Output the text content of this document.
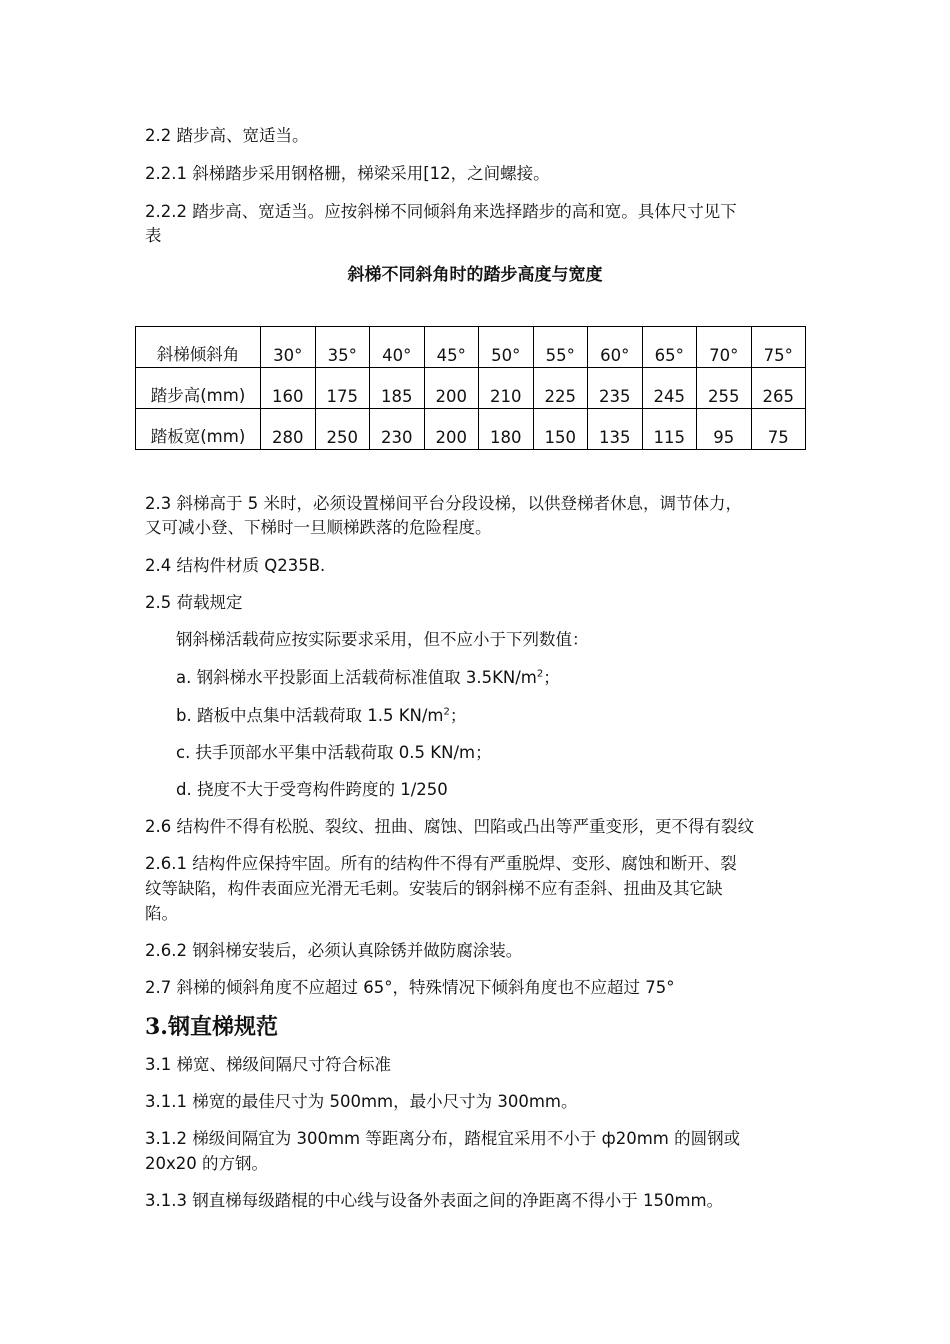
2.2 踏步高、宽适当。
2.2.1 斜梯踏步采用钢格栅，梯梁采用[12，之间螺接。
2.2.2 踏步高、宽适当。应按斜梯不同倾斜角来选择踏步的高和宽。具体尺寸见下
表
斜梯不同斜角时的踏步高度与宽度
斜梯倾斜角	30°	35°	40°	45°	50°	55°	60°	65°	70°	75°
踏步高(mm)	160	175	185	200	210	225	235	245	255	265
踏板宽(mm)	280	250	230	200	180	150	135	115	95	75
2.3 斜梯高于 5 米时，必须设置梯间平台分段设梯，以供登梯者休息，调节体力，
又可减小登、下梯时一旦顺梯跌落的危险程度。
2.4 结构件材质 Q235B.
2.5 荷载规定
钢斜梯活载荷应按实际要求采用，但不应小于下列数值：
a. 钢斜梯水平投影面上活载荷标准值取 $3.5KN/m^2$；
b. 踏板中点集中活载荷取 1.5 $KN/m^2$；
c. 扶手顶部水平集中活载荷取 0.5 KN/m；
d. 挠度不大于受弯构件跨度的 1/250
2.6 结构件不得有松脱、裂纹、扭曲、腐蚀、凹陷或凸出等严重变形，更不得有裂纹
2.6.1 结构件应保持牢固。所有的结构件不得有严重脱焊、变形、腐蚀和断开、裂
纹等缺陷，构件表面应光滑无毛刺。安装后的钢斜梯不应有歪斜、扭曲及其它缺
陷。
2.6.2 钢斜梯安装后，必须认真除锈并做防腐涂装。
2.7 斜梯的倾斜角度不应超过 65°，特殊情况下倾斜角度也不应超过 75°
3.钢直梯规范
3.1 梯宽、梯级间隔尺寸符合标准
3.1.1 梯宽的最佳尺寸为 500mm，最小尺寸为 300mm。
3.1.2 梯级间隔宜为 300mm 等距离分布，踏棍宜采用不小于 ф20mm 的圆钢或
20x20 的方钢。
3.1.3 钢直梯每级踏棍的中心线与设备外表面之间的净距离不得小于 150mm。
